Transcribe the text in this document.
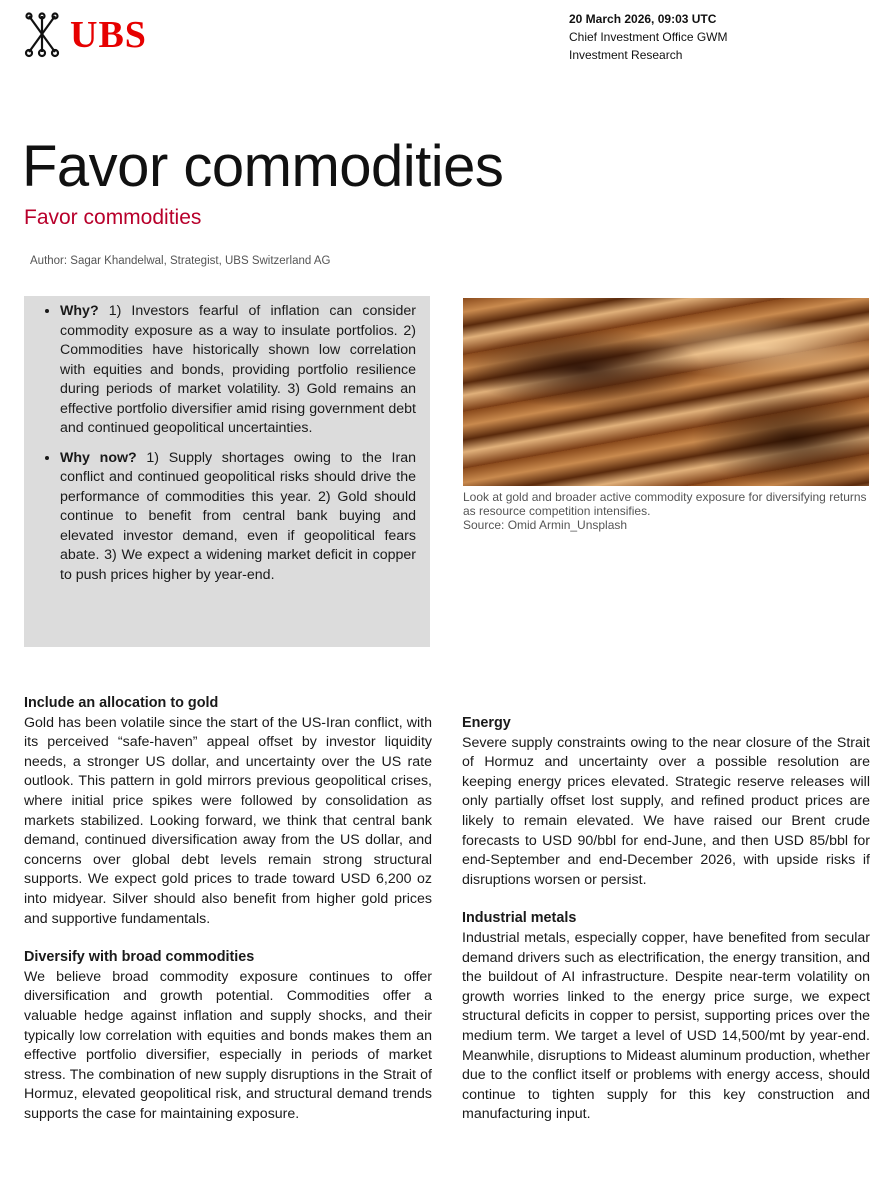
UBS	20 March 2026, 09:03 UTC
Chief Investment Office GWM
Investment Research
Favor commodities
Favor commodities
Author: Sagar Khandelwal, Strategist, UBS Switzerland AG
• Why? 1) Investors fearful of inflation can consider commodity exposure as a way to insulate portfolios. 2) Commodities have historically shown low correlation with equities and bonds, providing portfolio resilience during periods of market volatility. 3) Gold remains an effective portfolio diversifier amid rising government debt and continued geopolitical uncertainties.
• Why now? 1) Supply shortages owing to the Iran conflict and continued geopolitical risks should drive the performance of commodities this year. 2) Gold should continue to benefit from central bank buying and elevated investor demand, even if geopolitical fears abate. 3) We expect a widening market deficit in copper to push prices higher by year-end.
Look at gold and broader active commodity exposure for diversifying returns as resource competition intensifies.
Source: Omid Armin_Unsplash
Include an allocation to gold

Gold has been volatile since the start of the US-Iran conflict, with its perceived “safe-haven” appeal offset by investor liquidity needs, a stronger US dollar, and uncertainty over the US rate outlook. This pattern in gold mirrors previous geopolitical crises, where initial price spikes were followed by consolidation as markets stabilized. Looking forward, we think that central bank demand, continued diversification away from the US dollar, and concerns over global debt levels remain strong structural supports. We expect gold prices to trade toward USD 6,200 oz into midyear. Silver should also benefit from higher gold prices and supportive fundamentals.

Diversify with broad commodities

We believe broad commodity exposure continues to offer diversification and growth potential. Commodities offer a valuable hedge against inflation and supply shocks, and their typically low correlation with equities and bonds makes them an effective portfolio diversifier, especially in periods of market stress. The combination of new supply disruptions in the Strait of Hormuz, elevated geopolitical risk, and structural demand trends supports the case for maintaining exposure.

Energy

Severe supply constraints owing to the near closure of the Strait of Hormuz and uncertainty over a possible resolution are keeping energy prices elevated. Strategic reserve releases will only partially offset lost supply, and refined product prices are likely to remain elevated. We have raised our Brent crude forecasts to USD 90/bbl for end-June, and then USD 85/bbl for end-September and end-December 2026, with upside risks if disruptions worsen or persist.

Industrial metals

Industrial metals, especially copper, have benefited from secular demand drivers such as electrification, the energy transition, and the buildout of AI infrastructure. Despite near-term volatility on growth worries linked to the energy price surge, we expect structural deficits in copper to persist, supporting prices over the medium term. We target a level of USD 14,500/mt by year-end. Meanwhile, disruptions to Mideast aluminum production, whether due to the conflict itself or problems with energy access, should continue to tighten supply for this key construction and manufacturing input.
